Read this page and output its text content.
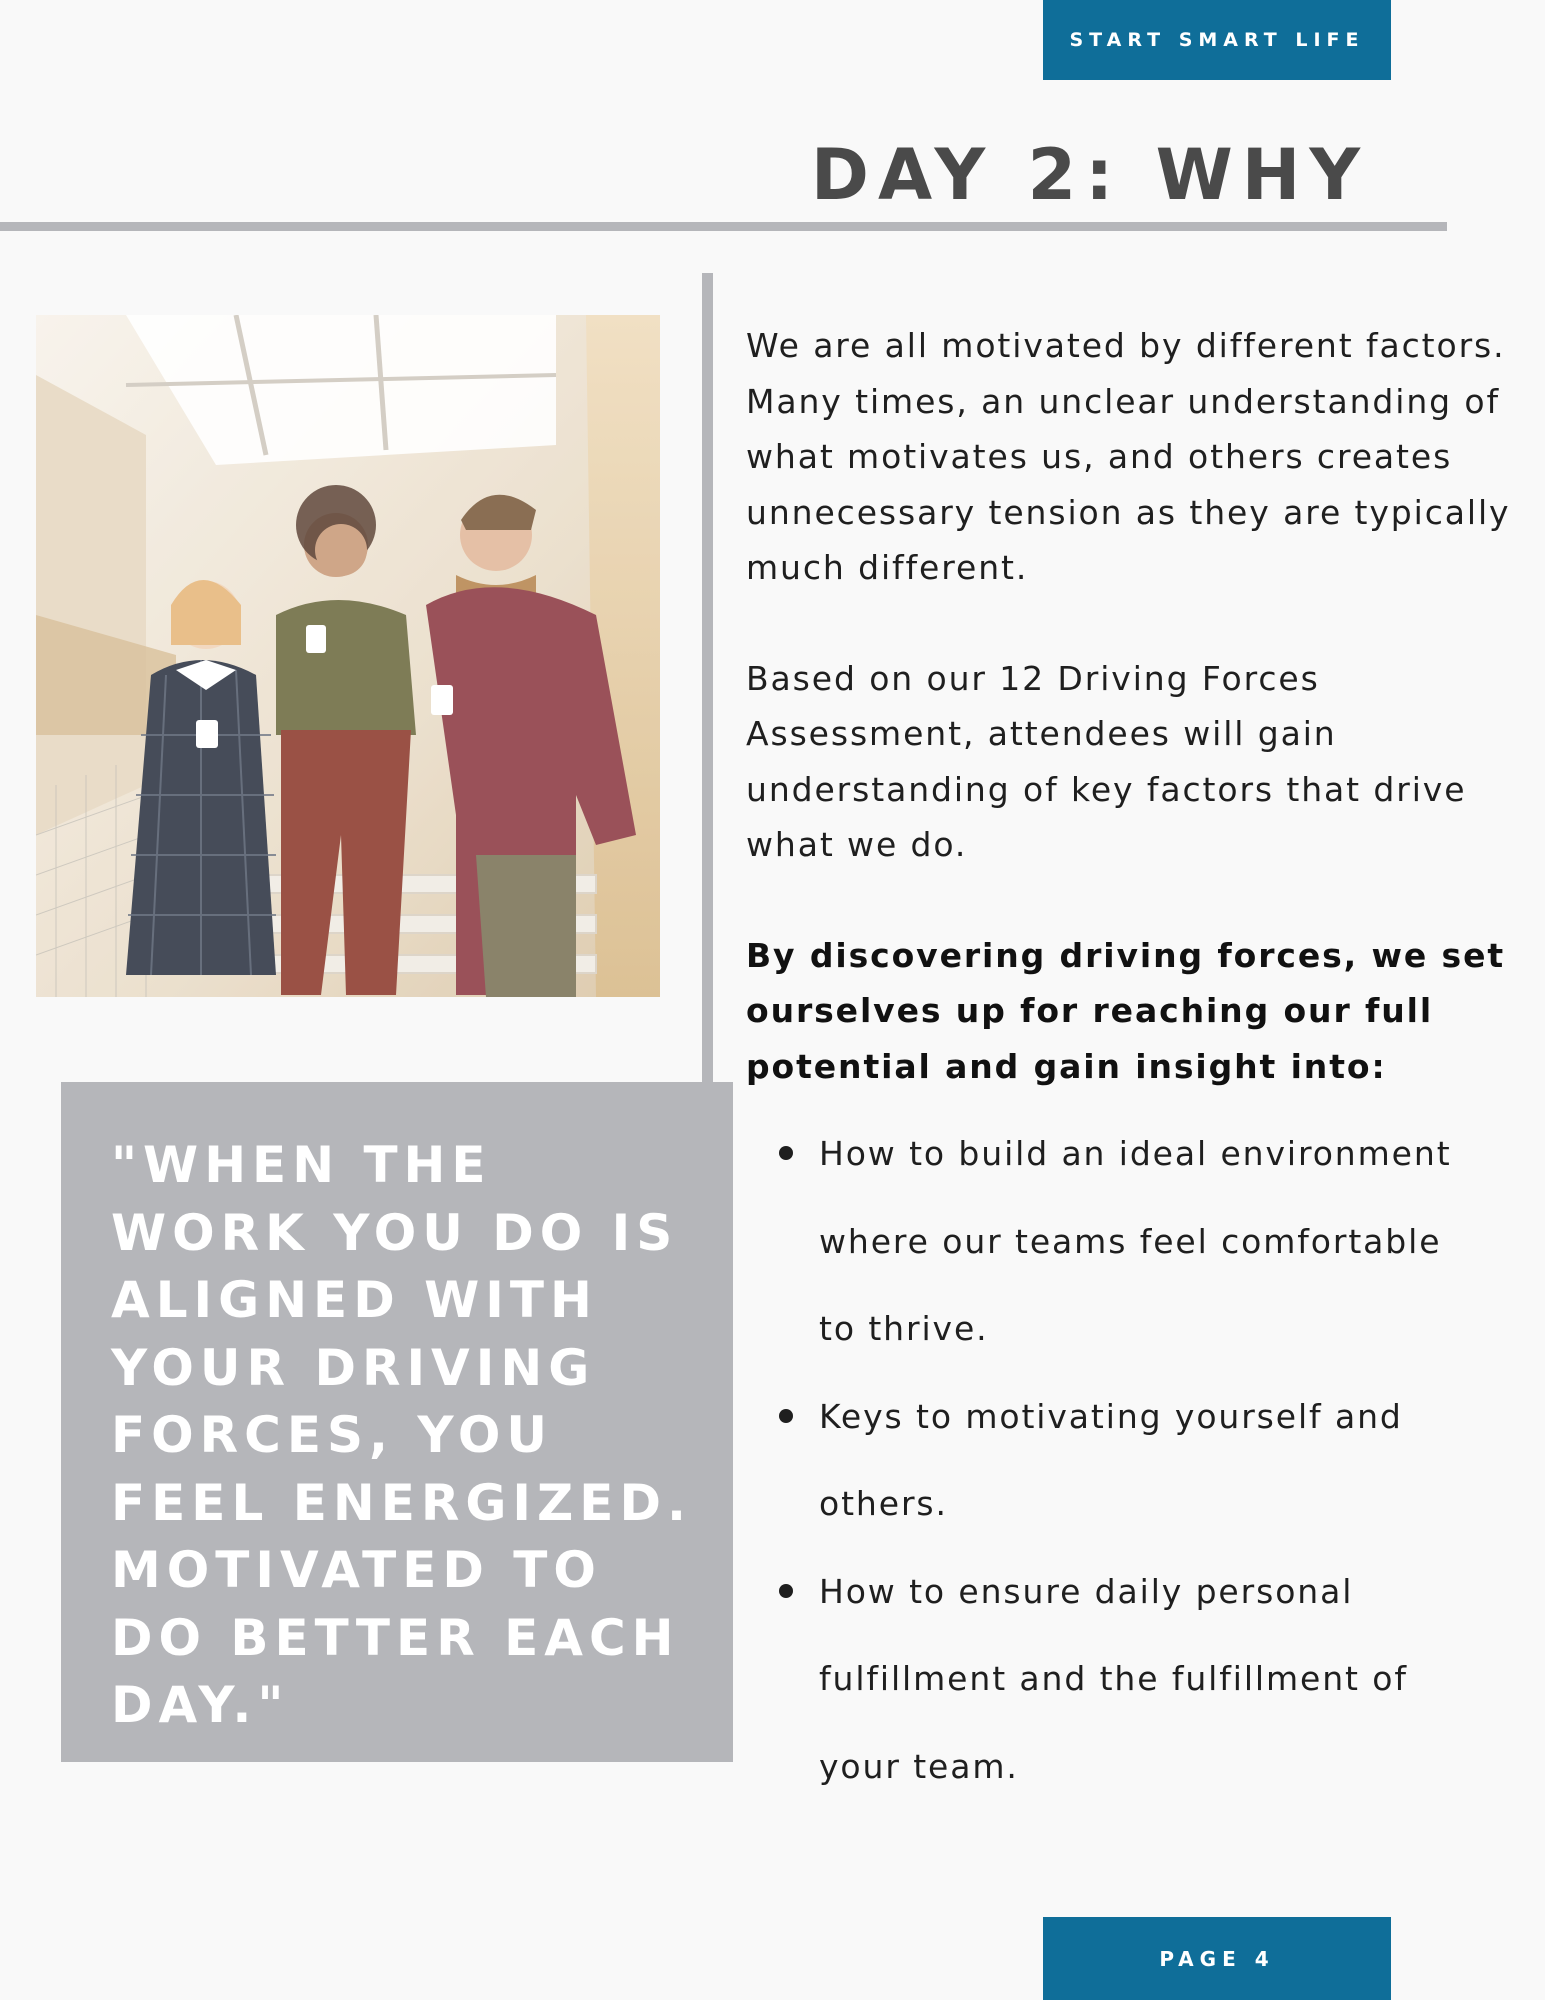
START SMART LIFE
DAY 2: WHY

"WHEN THE WORK YOU DO IS ALIGNED WITH YOUR DRIVING FORCES, YOU FEEL ENERGIZED. MOTIVATED TO DO BETTER EACH DAY."

We are all motivated by different factors. Many times, an unclear understanding of what motivates us, and others creates unnecessary tension as they are typically much different.

Based on our 12 Driving Forces Assessment, attendees will gain understanding of key factors that drive what we do.

By discovering driving forces, we set ourselves up for reaching our full potential and gain insight into:

How to build an ideal environment where our teams feel comfortable to thrive.
Keys to motivating yourself and others.
How to ensure daily personal fulfillment and the fulfillment of your team.
PAGE 4
